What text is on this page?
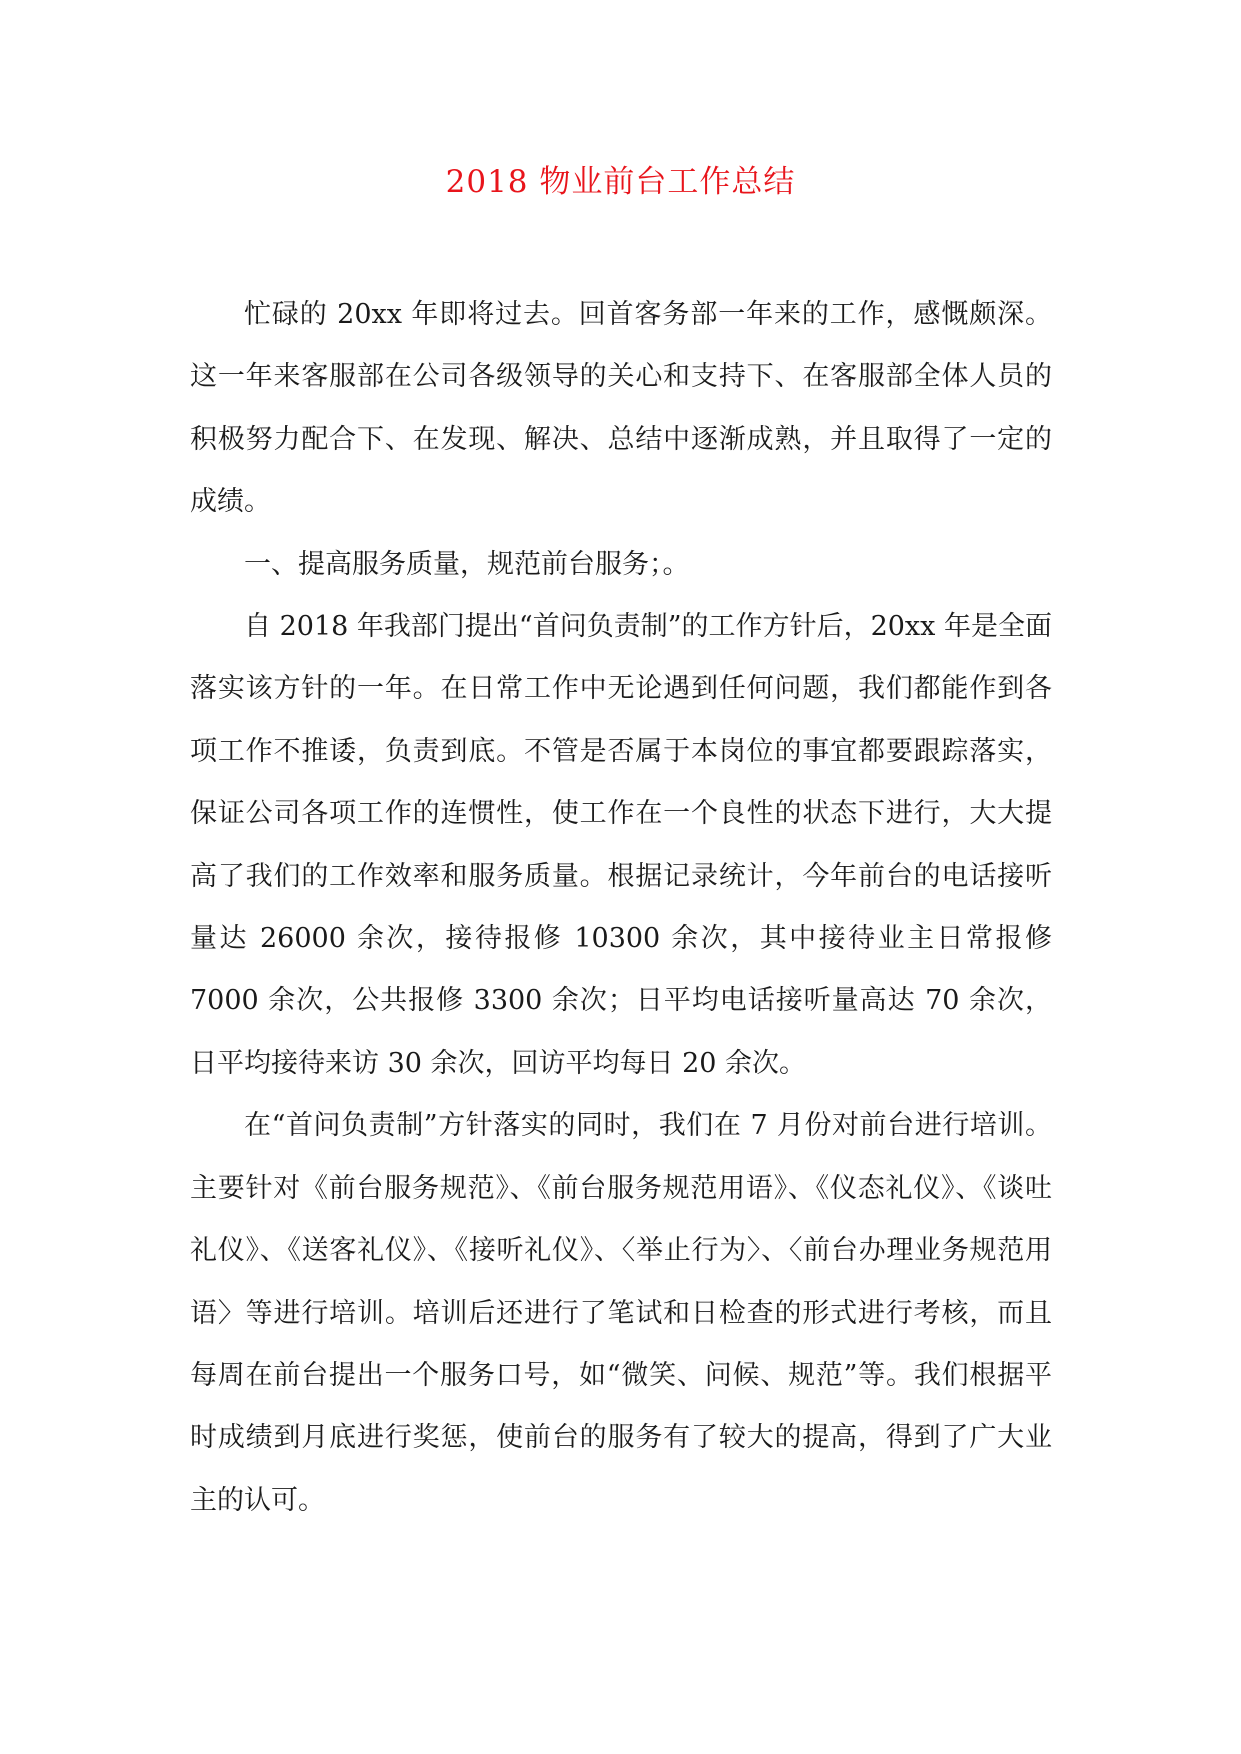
2018 物业前台工作总结

忙碌的 20xx 年即将过去。回首客务部一年来的工作，感慨颇深。这一年来客服部在公司各级领导的关心和支持下、在客服部全体人员的积极努力配合下、在发现、解决、总结中逐渐成熟，并且取得了一定的成绩。

一、提高服务质量，规范前台服务；。

自 2018 年我部门提出“首问负责制”的工作方针后，20xx 年是全面落实该方针的一年。在日常工作中无论遇到任何问题，我们都能作到各项工作不推诿，负责到底。不管是否属于本岗位的事宜都要跟踪落实，保证公司各项工作的连惯性，使工作在一个良性的状态下进行，大大提高了我们的工作效率和服务质量。根据记录统计，今年前台的电话接听量达 26000 余次，接待报修 10300 余次，其中接待业主日常报修 7000 余次，公共报修 3300 余次；日平均电话接听量高达 70 余次，日平均接待来访 30 余次，回访平均每日 20 余次。

在“首问负责制”方针落实的同时，我们在 7 月份对前台进行培训。主要针对《前台服务规范》、《前台服务规范用语》、《仪态礼仪》、《谈吐礼仪》、《送客礼仪》、《接听礼仪》、〈举止行为〉、〈前台办理业务规范用语〉等进行培训。培训后还进行了笔试和日检查的形式进行考核，而且每周在前台提出一个服务口号，如“微笑、问候、规范”等。我们根据平时成绩到月底进行奖惩，使前台的服务有了较大的提高，得到了广大业主的认可。
